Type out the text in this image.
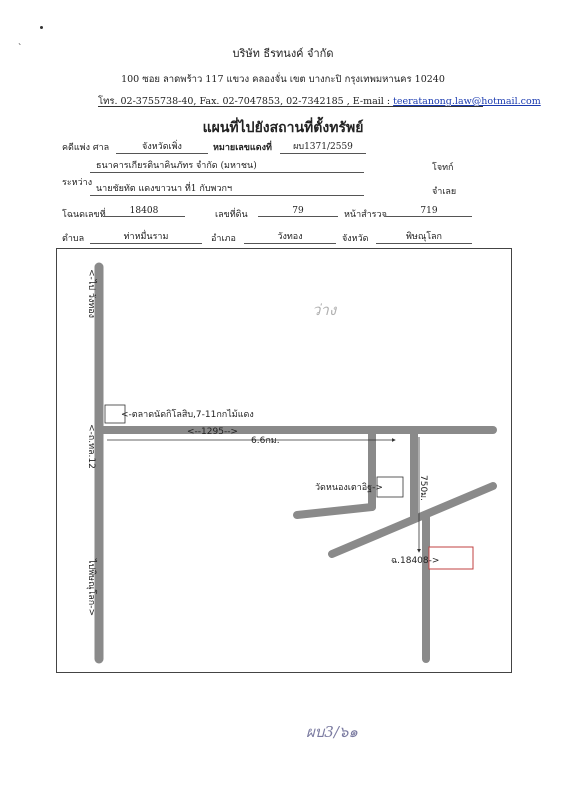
˴
บริษัท ธีรทนงค์ จำกัด
100 ซอย ลาดพร้าว 117 แขวง คลองจั่น เขต บางกะปิ กรุงเทพมหานคร 10240
โทร. 02-3755738-40, Fax. 02-7047853, 02-7342185 , E-mail : teeratanong.law@hotmail.com
แผนที่ไปยังสถานที่ตั้งทรัพย์
คดีแพ่ง ศาล	จังหวัดเพิ่ง	หมายเลขแดงที่	ผบ1371/2559
ระหว่าง
ธนาคารเกียรตินาคินภัทร จำกัด (มหาชน)	โจทก์
นายชัยทัต แดงขาวนา ที่1 กับพวกฯ	จำเลย
โฉนดเลขที่	18408	เลขที่ดิน	79	หน้าสำรวจ	719
ตำบล	ท่าหมื่นราม	อำเภอ	วังทอง	จังหวัด	พิษณุโลก
<-ไป วังทอง
<-ถ.ทล.12
ไปพิษณุโลก->
<-ตลาดนัดกิโลสิบ,7-11กกไม้แดง
<--1295-->
6.6กม.
วัดหนองเตาอิฐ->	750ม.
ฉ.18408->
ว่าง
ผบ3/๖๑
